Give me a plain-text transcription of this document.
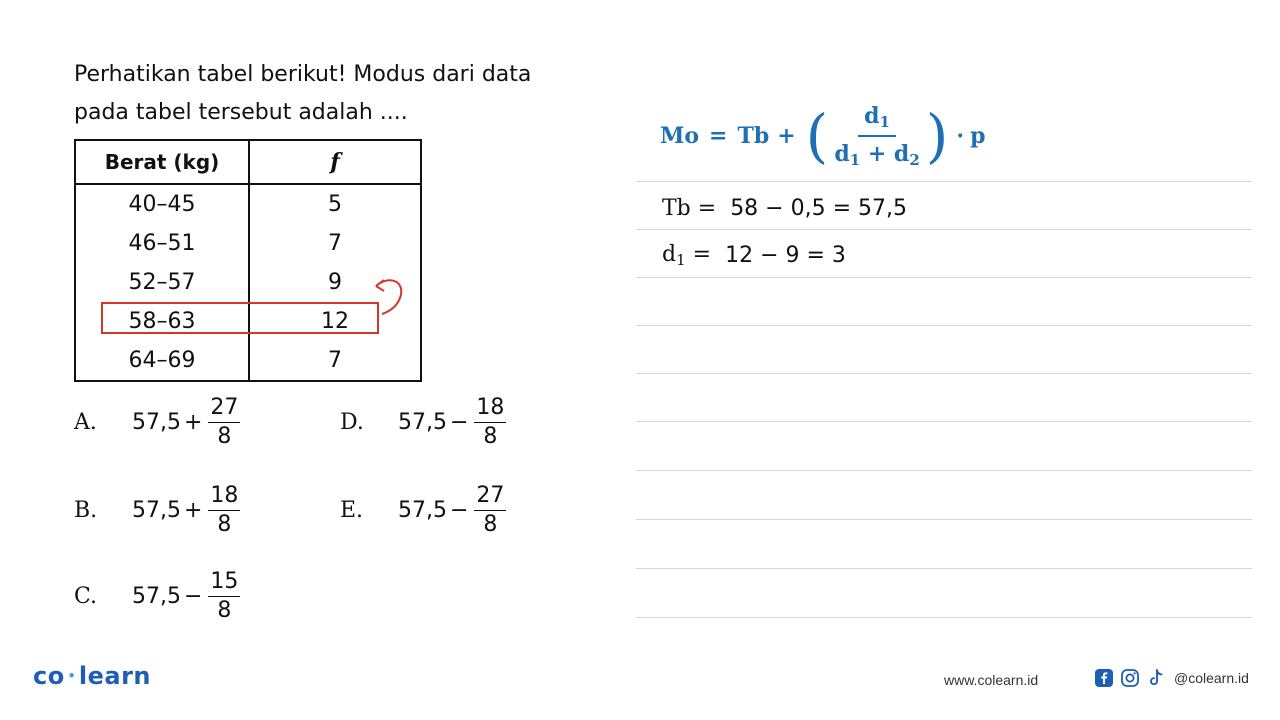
Perhatikan tabel berikut! Modus dari data
pada tabel tersebut adalah ....
Berat (kg)	f
40–45	5
46–51	7
52–57	9
58–63	12
64–69	7
A.	$57,5 + \frac{27}{8}$
B.	$57,5 + \frac{18}{8}$
C.	$57,5 - \frac{15}{8}$
D.	$57,5 - \frac{18}{8}$
E.	$57,5 - \frac{27}{8}$
Mo = Tb + ( $\frac{d_1}{d_1 + d_2}$ ) · p
Tb = 58 − 0,5 = 57,5
$d_1 = 12 - 9 = 3$
co • learn	www.colearn.id	@colearn.id
